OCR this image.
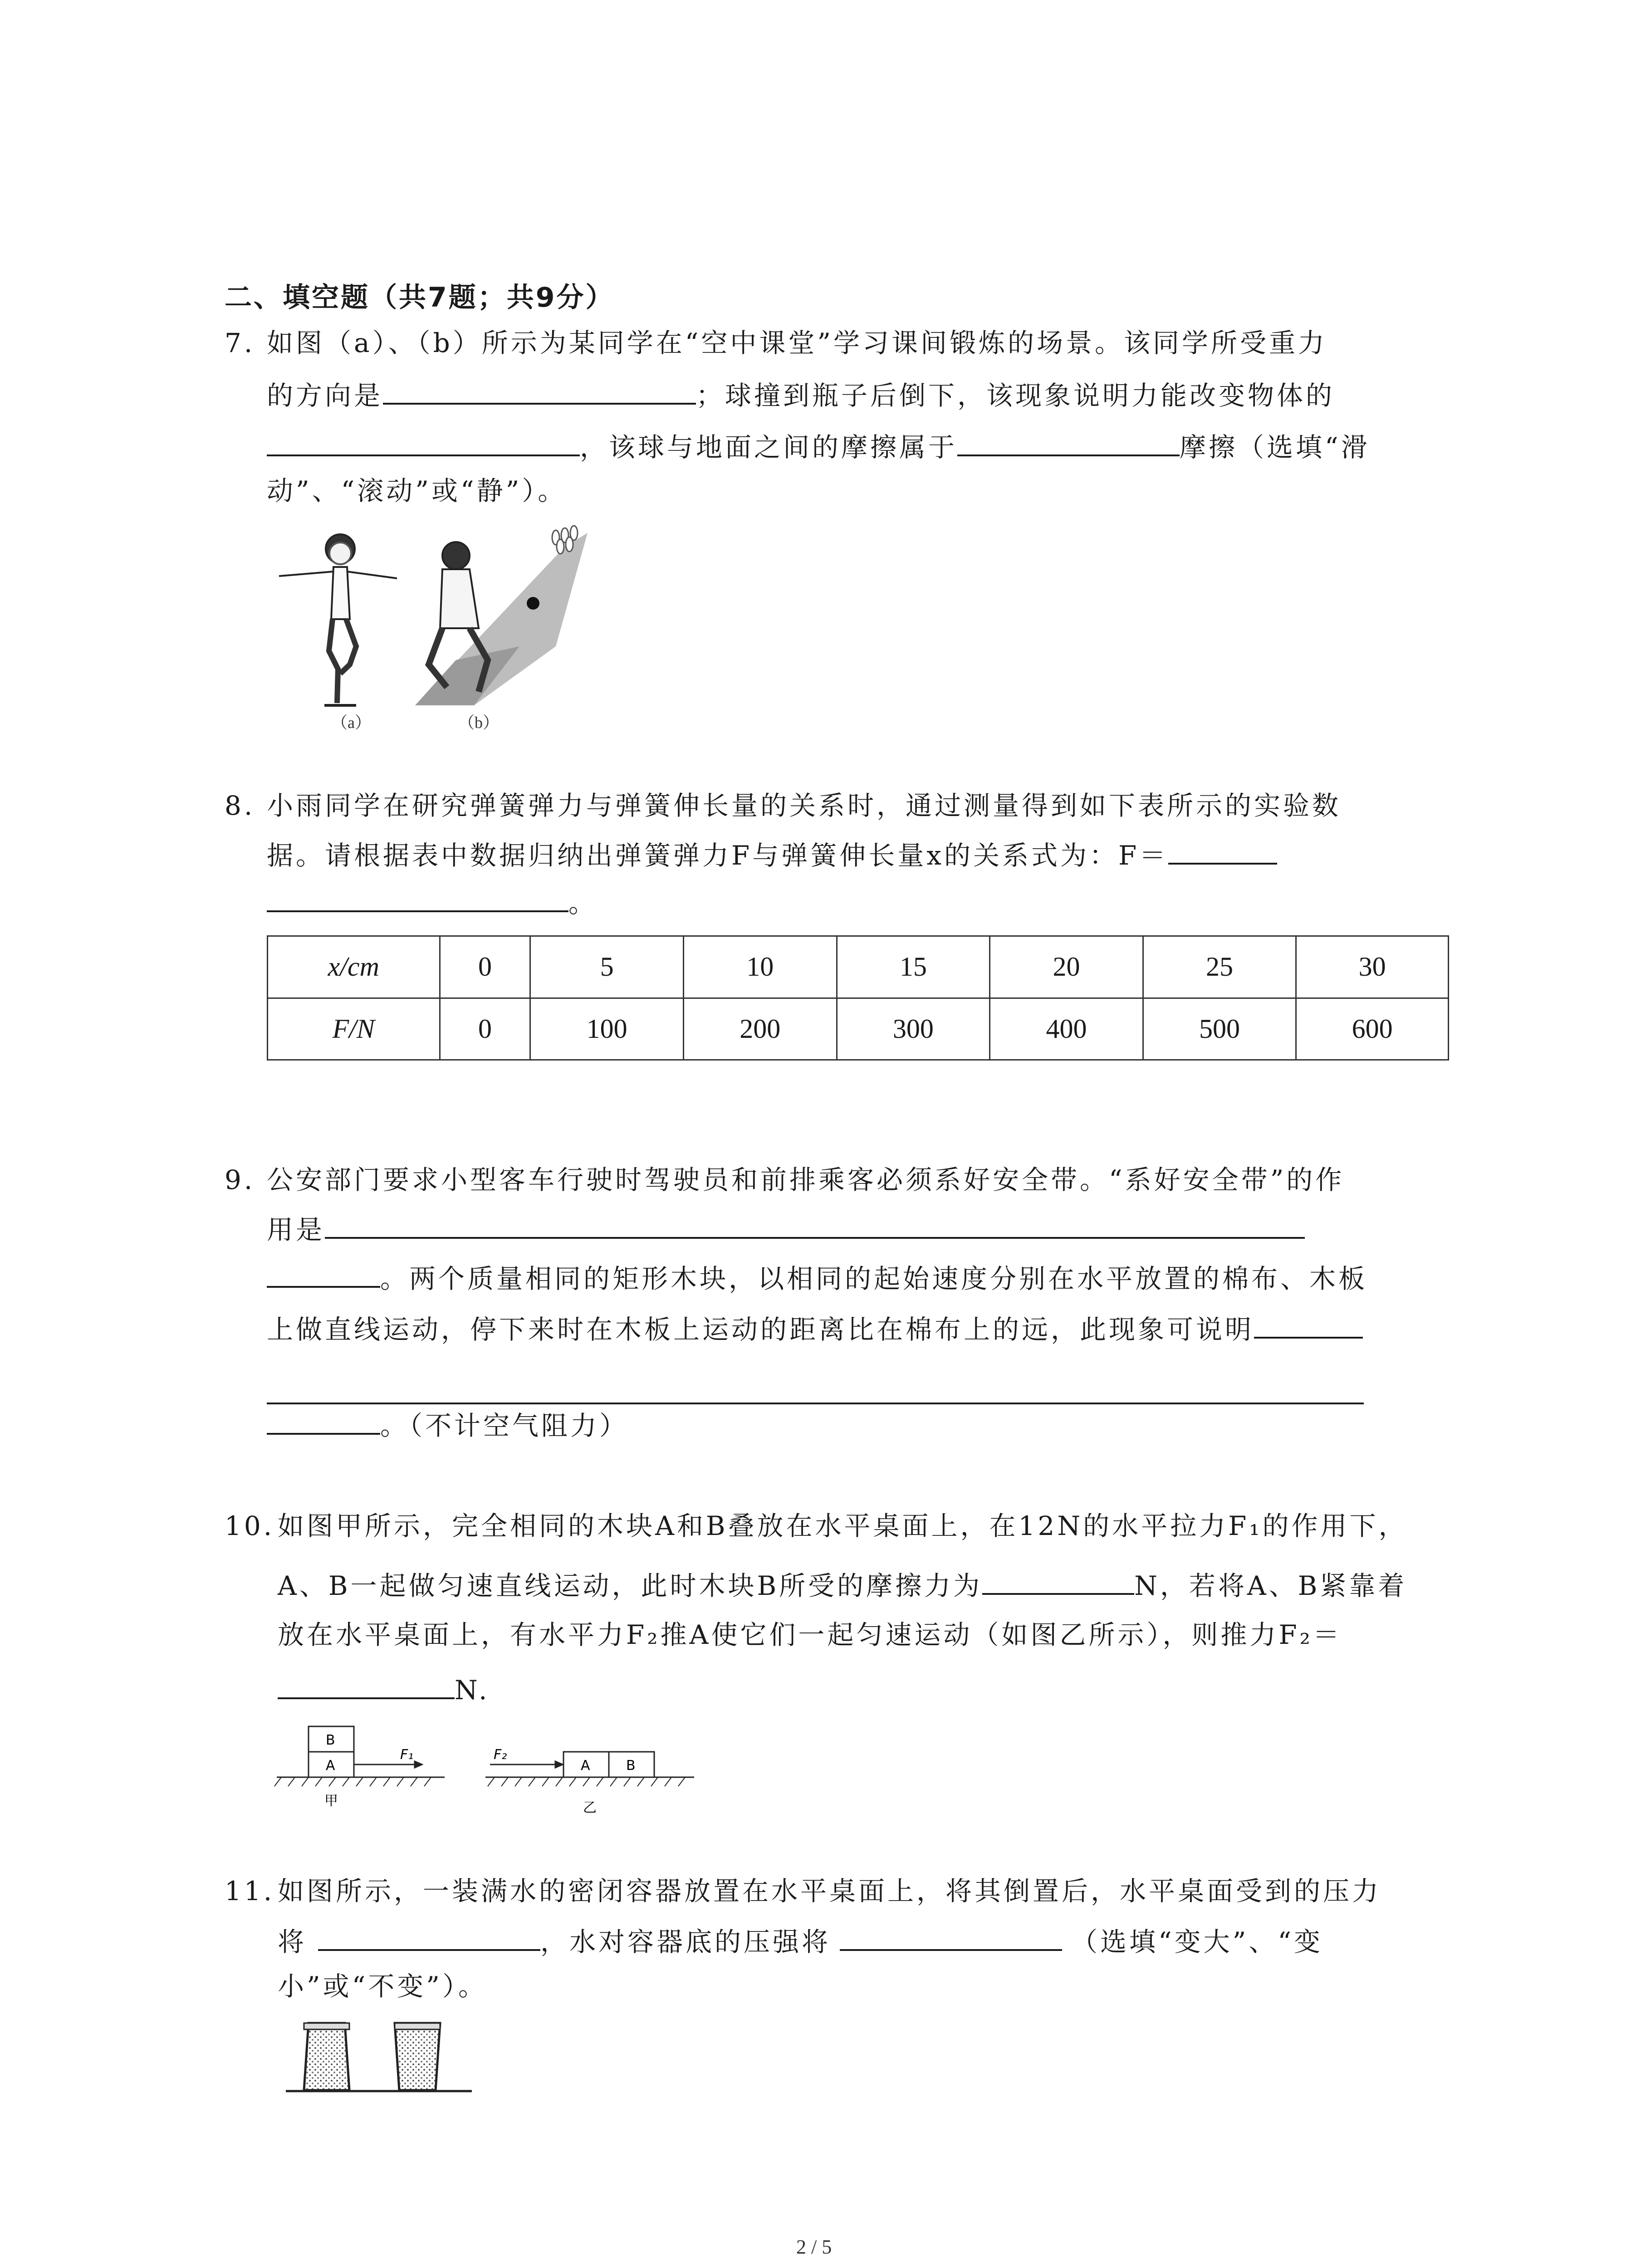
二、填空题（共7题；共9分）
7. 如图（a）、（b）所示为某同学在“空中课堂”学习课间锻炼的场景。该同学所受重力
的方向是	；球撞到瓶子后倒下，该现象说明力能改变物体的
，该球与地面之间的摩擦属于	摩擦（选填“滑
动”、“滚动”或“静”）。
（a）	（b）
8. 小雨同学在研究弹簧弹力与弹簧伸长量的关系时，通过测量得到如下表所示的实验数
据。请根据表中数据归纳出弹簧弹力F与弹簧伸长量x的关系式为：F＝
。
x/cm	0	5	10	15	20	25	30
F/N	0	100	200	300	400	500	600
9. 公安部门要求小型客车行驶时驾驶员和前排乘客必须系好安全带。“系好安全带”的作
用是
。两个质量相同的矩形木块，以相同的起始速度分别在水平放置的棉布、木板
上做直线运动，停下来时在木板上运动的距离比在棉布上的远，此现象可说明
。（不计空气阻力）
10. 如图甲所示，完全相同的木块A和B叠放在水平桌面上，在12N的水平拉力F₁的作用下，
A、B一起做匀速直线运动，此时木块B所受的摩擦力为	N，若将A、B紧靠着
放在水平桌面上，有水平力F₂推A使它们一起匀速运动（如图乙所示），则推力F₂＝
N.
A
B
F₁
甲
A	B
F₂
乙
11. 如图所示，一装满水的密闭容器放置在水平桌面上，将其倒置后，水平桌面受到的压力
将	，水对容器底的压强将	（选填“变大”、“变
小”或“不变”）。
2 / 5
